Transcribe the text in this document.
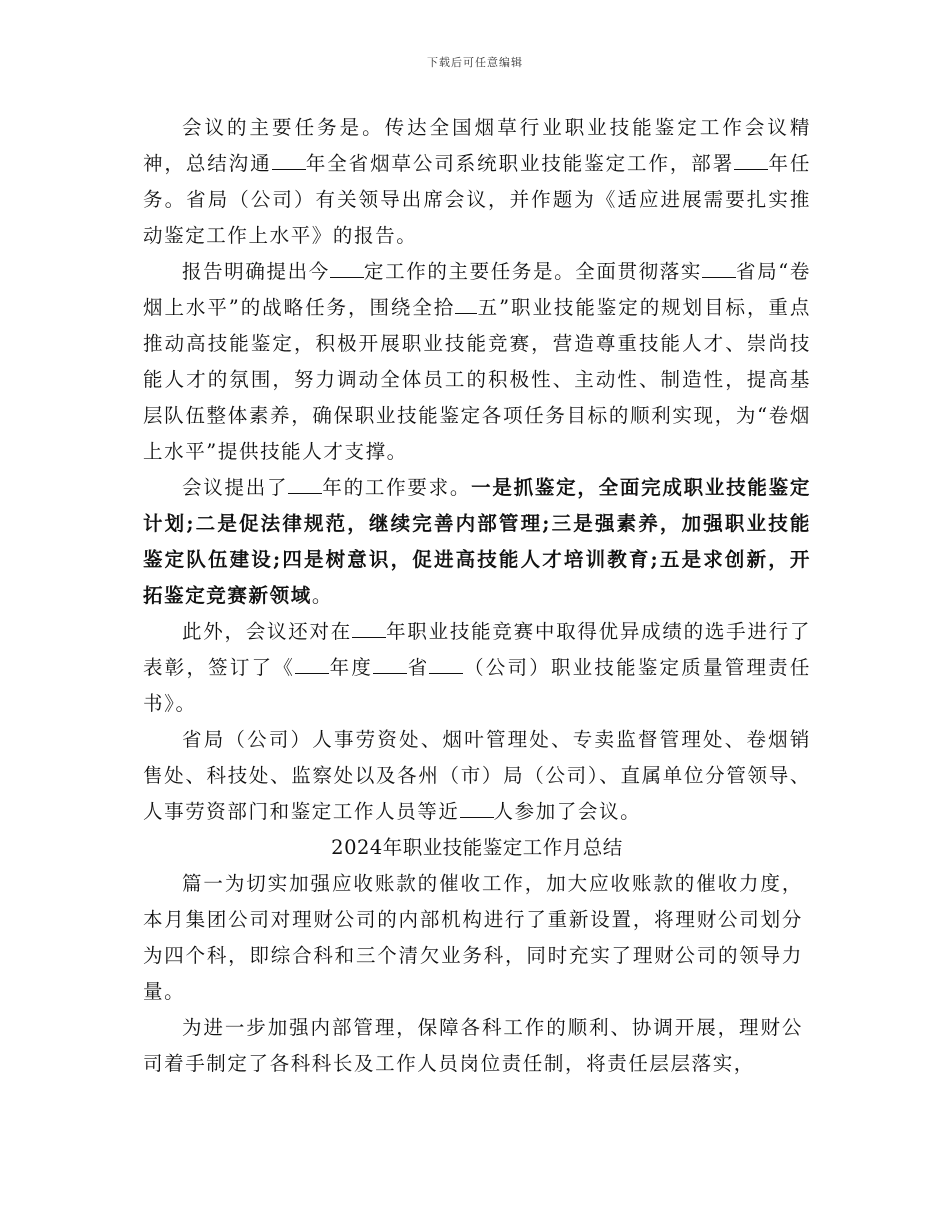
下载后可任意编辑

会议的主要任务是。传达全国烟草行业职业技能鉴定工作会议精神，总结沟通 年全省烟草公司系统职业技能鉴定工作，部署 年任务。省局（公司）有关领导出席会议，并作题为《适应进展需要扎实推动鉴定工作上水平》的报告。

报告明确提出今 定工作的主要任务是。全面贯彻落实 省局“卷烟上水平”的战略任务，围绕全拾 五”职业技能鉴定的规划目标，重点推动高技能鉴定，积极开展职业技能竞赛，营造尊重技能人才、崇尚技能人才的氛围，努力调动全体员工的积极性、主动性、制造性，提高基层队伍整体素养，确保职业技能鉴定各项任务目标的顺利实现，为“卷烟上水平”提供技能人才支撑。

会议提出了 年的工作要求。一是抓鉴定，全面完成职业技能鉴定计划;二是促法律规范，继续完善内部管理;三是强素养，加强职业技能鉴定队伍建设;四是树意识，促进高技能人才培训教育;五是求创新，开拓鉴定竞赛新领域。

此外，会议还对在 年职业技能竞赛中取得优异成绩的选手进行了表彰，签订了《 年度 省 （公司）职业技能鉴定质量管理责任书》。

省局（公司）人事劳资处、烟叶管理处、专卖监督管理处、卷烟销售处、科技处、监察处以及各州（市）局（公司）、直属单位分管领导、人事劳资部门和鉴定工作人员等近 人参加了会议。

2024年职业技能鉴定工作月总结

篇一为切实加强应收账款的催收工作，加大应收账款的催收力度，本月集团公司对理财公司的内部机构进行了重新设置，将理财公司划分为四个科，即综合科和三个清欠业务科，同时充实了理财公司的领导力量。

为进一步加强内部管理，保障各科工作的顺利、协调开展，理财公司着手制定了各科科长及工作人员岗位责任制，将责任层层落实，
